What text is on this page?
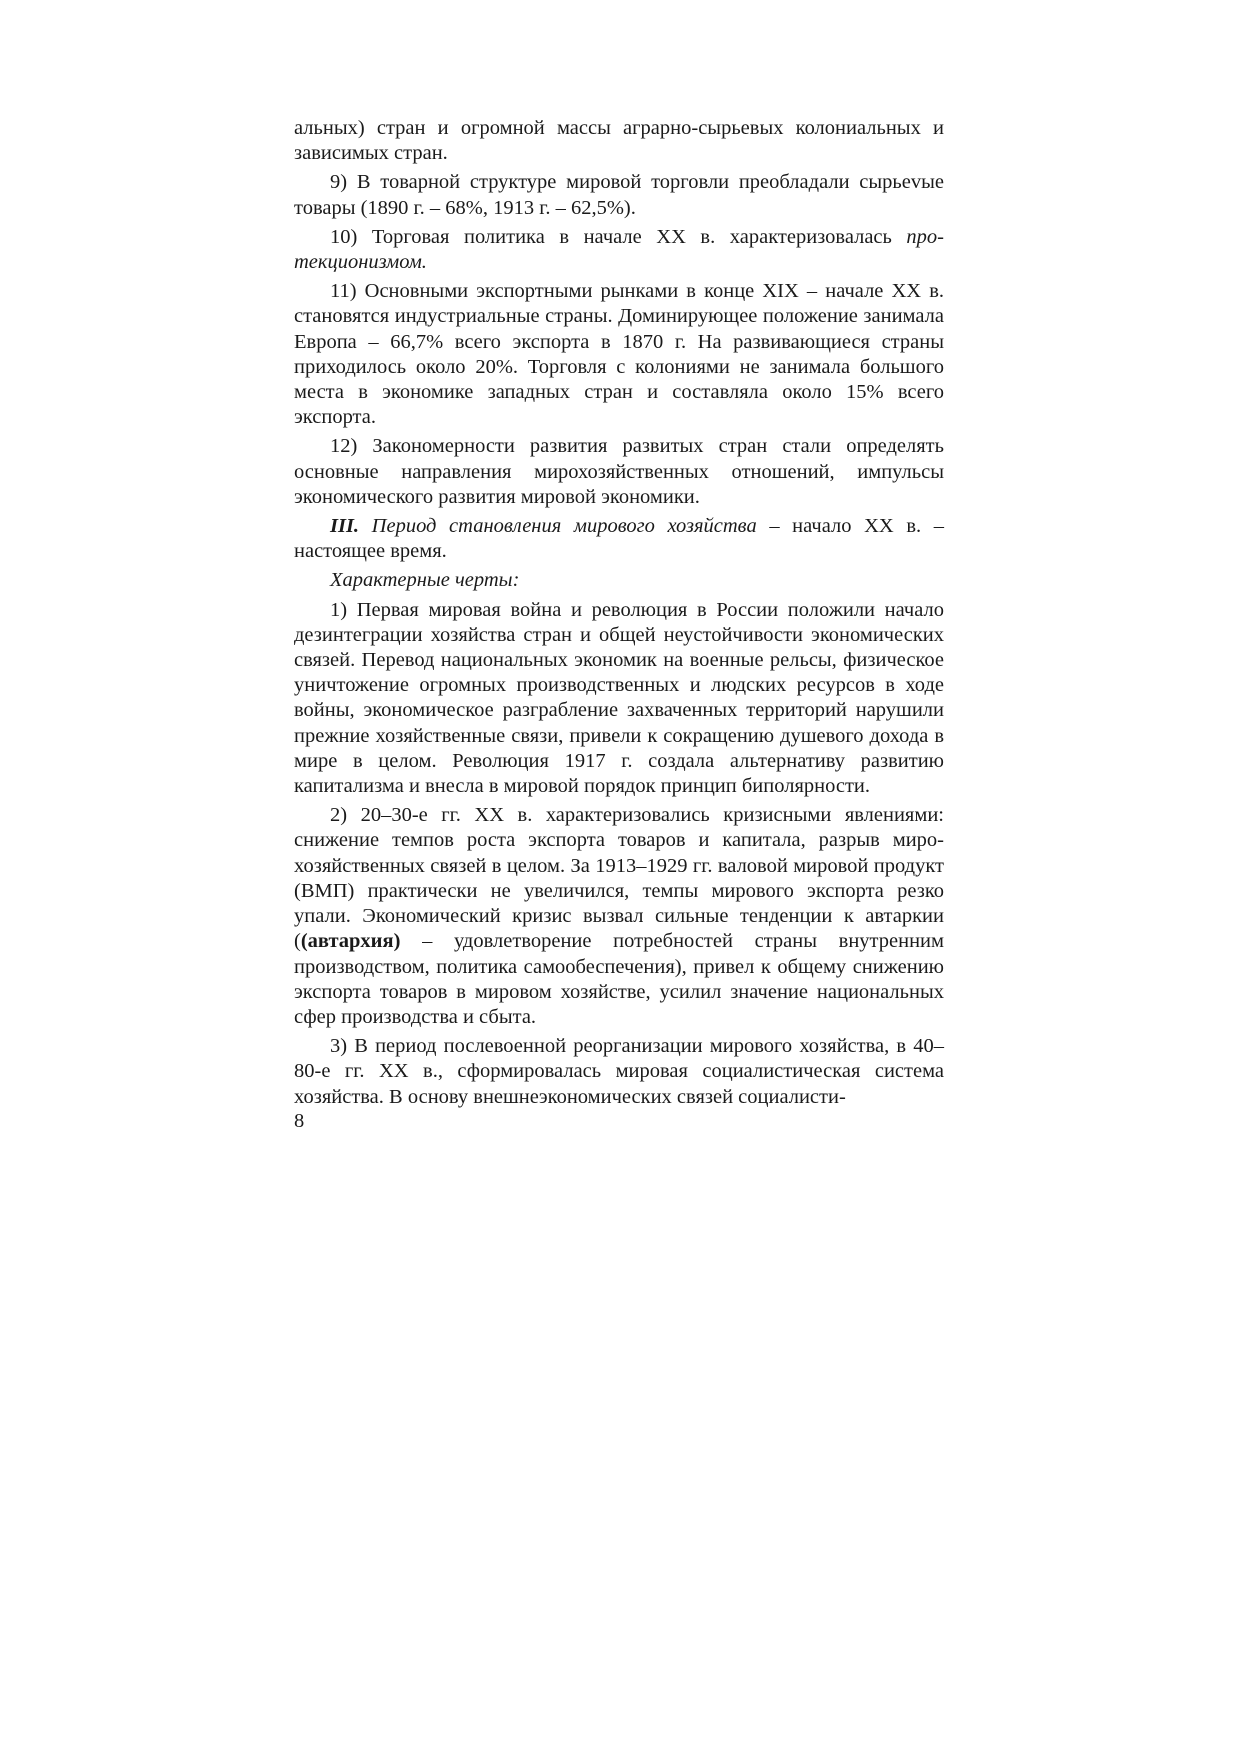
альных) стран и огромной массы аграрно-сырьевых колониальных и зависимых стран.

9) В товарной структуре мировой торговли преобладали сырьеvые товары (1890 г. – 68%, 1913 г. – 62,5%).

10) Торговая политика в начале XX в. характеризовалась протекционизмом.

11) Основными экспортными рынками в конце XIX – начале XX в. становятся индустриальные страны. Доминирующее положение занимала Европа – 66,7% всего экспорта в 1870 г. На развивающиеся страны приходилось около 20%. Торговля с колониями не занимала большого места в экономике западных стран и составляла около 15% всего экспорта.

12) Закономерности развития развитых стран стали определять основные направления мирохозяйственных отношений, импульсы экономического развития мировой экономики.

III. Период становления мирового хозяйства – начало XX в. – настоящее время.

Характерные черты:

1) Первая мировая война и революция в России положили начало дезинтеграции хозяйства стран и общей неустойчивости экономических связей. Перевод национальных экономик на военные рельсы, физическое уничтожение огромных производственных и людских ресурсов в ходе войны, экономическое разграбление захваченных территорий нарушили прежние хозяйственные связи, привели к сокращению душевого дохода в мире в целом. Революция 1917 г. создала альтернативу развитию капитализма и внесла в мировой порядок принцип биполярности.

2) 20–30-е гг. XX в. характеризовались кризисными явлениями: снижение темпов роста экспорта товаров и капитала, разрыв мирохозяйственных связей в целом. За 1913–1929 гг. валовой мировой продукт (ВМП) практически не увеличился, темпы мирового экспорта резко упали. Экономический кризис вызвал сильные тенденции к автаркии ((автархия) – удовлетворение потребностей страны внутренним производством, политика самообеспечения), привел к общему снижению экспорта товаров в мировом хозяйстве, усилил значение национальных сфер производства и сбыта.

3) В период послевоенной реорганизации мирового хозяйства, в 40–80-е гг. XX в., сформировалась мировая социалистическая система хозяйства. В основу внешнеэкономических связей социалисти-

8
